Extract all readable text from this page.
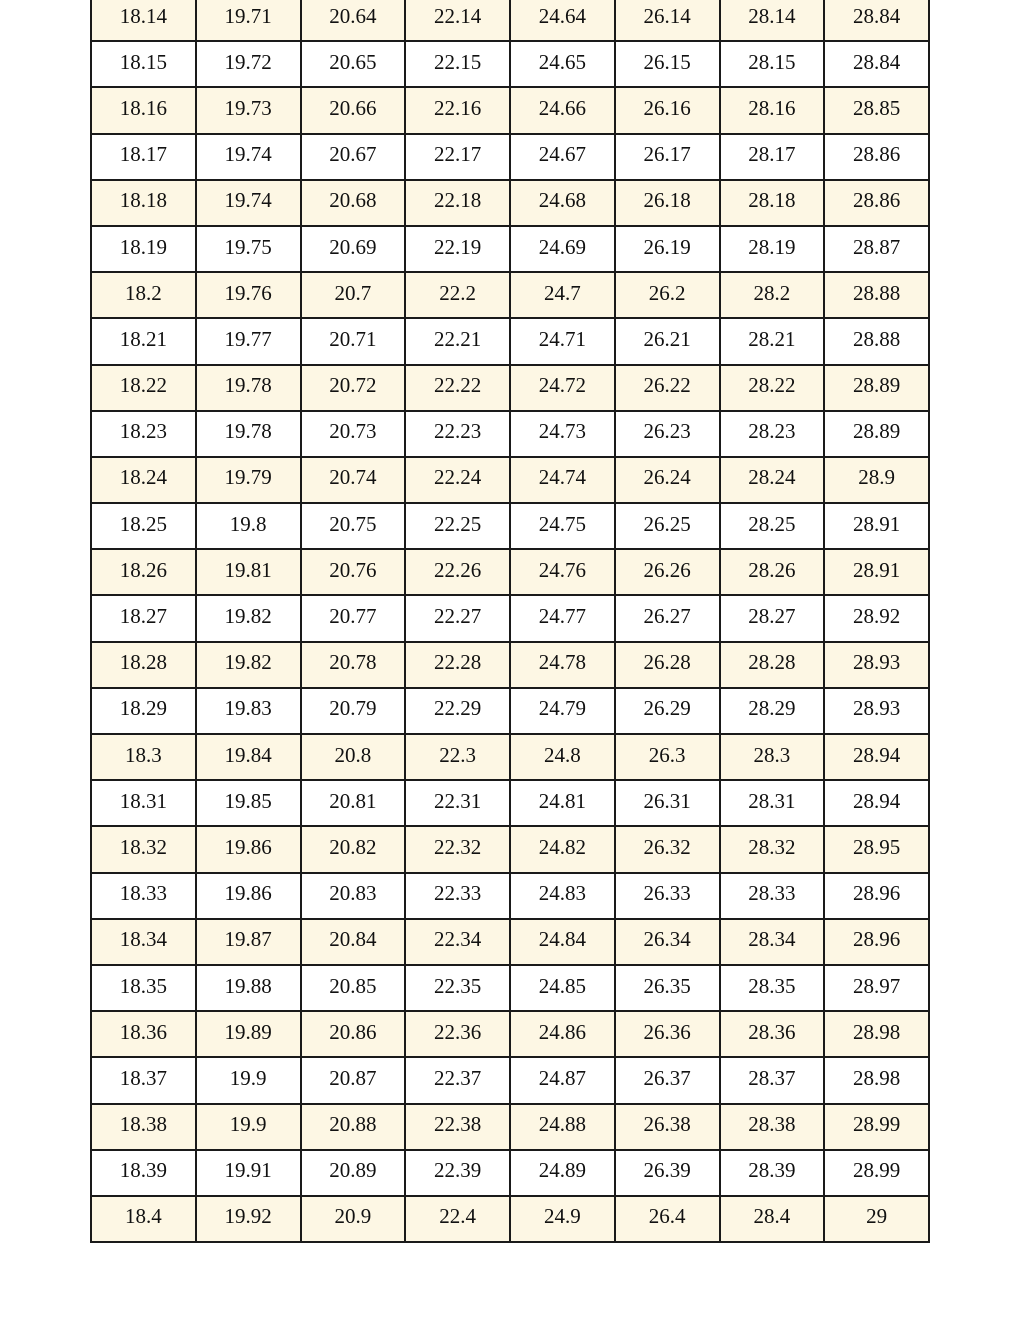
18.14	19.71	20.64	22.14	24.64	26.14	28.14	28.84
18.15	19.72	20.65	22.15	24.65	26.15	28.15	28.84
18.16	19.73	20.66	22.16	24.66	26.16	28.16	28.85
18.17	19.74	20.67	22.17	24.67	26.17	28.17	28.86
18.18	19.74	20.68	22.18	24.68	26.18	28.18	28.86
18.19	19.75	20.69	22.19	24.69	26.19	28.19	28.87
18.2	19.76	20.7	22.2	24.7	26.2	28.2	28.88
18.21	19.77	20.71	22.21	24.71	26.21	28.21	28.88
18.22	19.78	20.72	22.22	24.72	26.22	28.22	28.89
18.23	19.78	20.73	22.23	24.73	26.23	28.23	28.89
18.24	19.79	20.74	22.24	24.74	26.24	28.24	28.9
18.25	19.8	20.75	22.25	24.75	26.25	28.25	28.91
18.26	19.81	20.76	22.26	24.76	26.26	28.26	28.91
18.27	19.82	20.77	22.27	24.77	26.27	28.27	28.92
18.28	19.82	20.78	22.28	24.78	26.28	28.28	28.93
18.29	19.83	20.79	22.29	24.79	26.29	28.29	28.93
18.3	19.84	20.8	22.3	24.8	26.3	28.3	28.94
18.31	19.85	20.81	22.31	24.81	26.31	28.31	28.94
18.32	19.86	20.82	22.32	24.82	26.32	28.32	28.95
18.33	19.86	20.83	22.33	24.83	26.33	28.33	28.96
18.34	19.87	20.84	22.34	24.84	26.34	28.34	28.96
18.35	19.88	20.85	22.35	24.85	26.35	28.35	28.97
18.36	19.89	20.86	22.36	24.86	26.36	28.36	28.98
18.37	19.9	20.87	22.37	24.87	26.37	28.37	28.98
18.38	19.9	20.88	22.38	24.88	26.38	28.38	28.99
18.39	19.91	20.89	22.39	24.89	26.39	28.39	28.99
18.4	19.92	20.9	22.4	24.9	26.4	28.4	29
